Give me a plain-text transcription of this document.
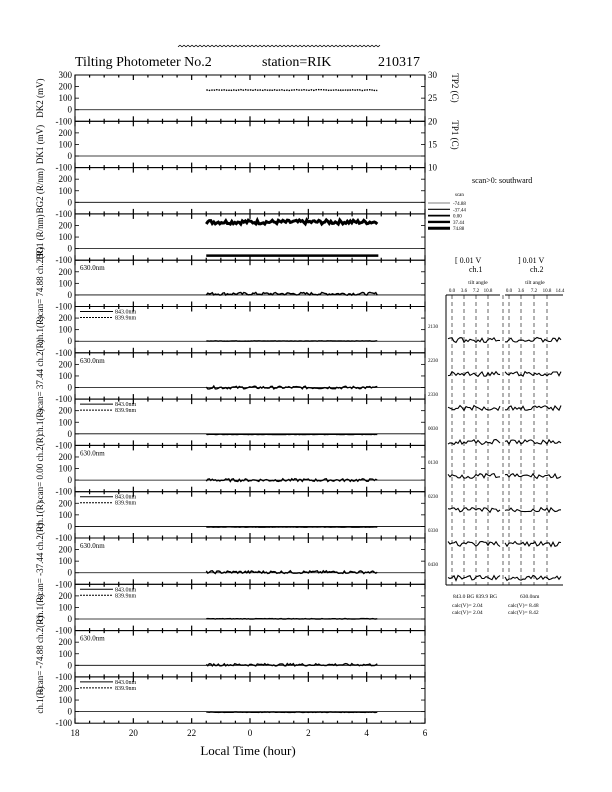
Tilting Photometer No.2	station=RIK	210317
300
200
100
0
-100
DK2 (mV)
200
100
0
-100
DK1 (mV)
200
100
0
-100
BG2 (R/nm)
200
100
0
-100
BG1 (R/nm)
200
100
0
-100
scan= 74.88 ch.2(R)	630.0nm
200
100
0
-100
ch.1(R)
843.0nm
839.9nm
200
100
0
-100
scan= 37.44 ch.2(R)	630.0nm
200
100
0
-100
ch.1(R)
843.0nm
839.9nm
200
100
0
-100
scan= 0.00 ch.2(R)	630.0nm
200
100
0
-100
ch.1(R)
843.0nm
839.9nm
200
100
0
-100
scan= -37.44 ch.2(R)	630.0nm
200
100
0
-100
ch.1(R)
843.0nm
839.9nm
200
100
0
-100
scan= -74.88 ch.2(R)	630.0nm
200
100
0
-100
ch.1(R)
843.0nm
839.9nm
18	20	22	0	2	4	6
Local Time (hour)
30
25
20
15
10
TP2 (C)
TP1 (C)
scan>0: southward
scan
-74.88
-37.44
0.00
37.44
74.88
[ 0.01 V
ch.1
] 0.01 V
ch.2
tilt angle	tilt angle
0.0 3.6 7.2 10.8	0.0 3.6 7.2 10.8 14.4
2130
2230
2330
0030
0130
0230
0330
0430
843.0 BG 839.9 BG	630.0nm
calc(V)= 2.04
calc(V)= 2.04
calc(V)= 8.48
calc(V)= 8.42
